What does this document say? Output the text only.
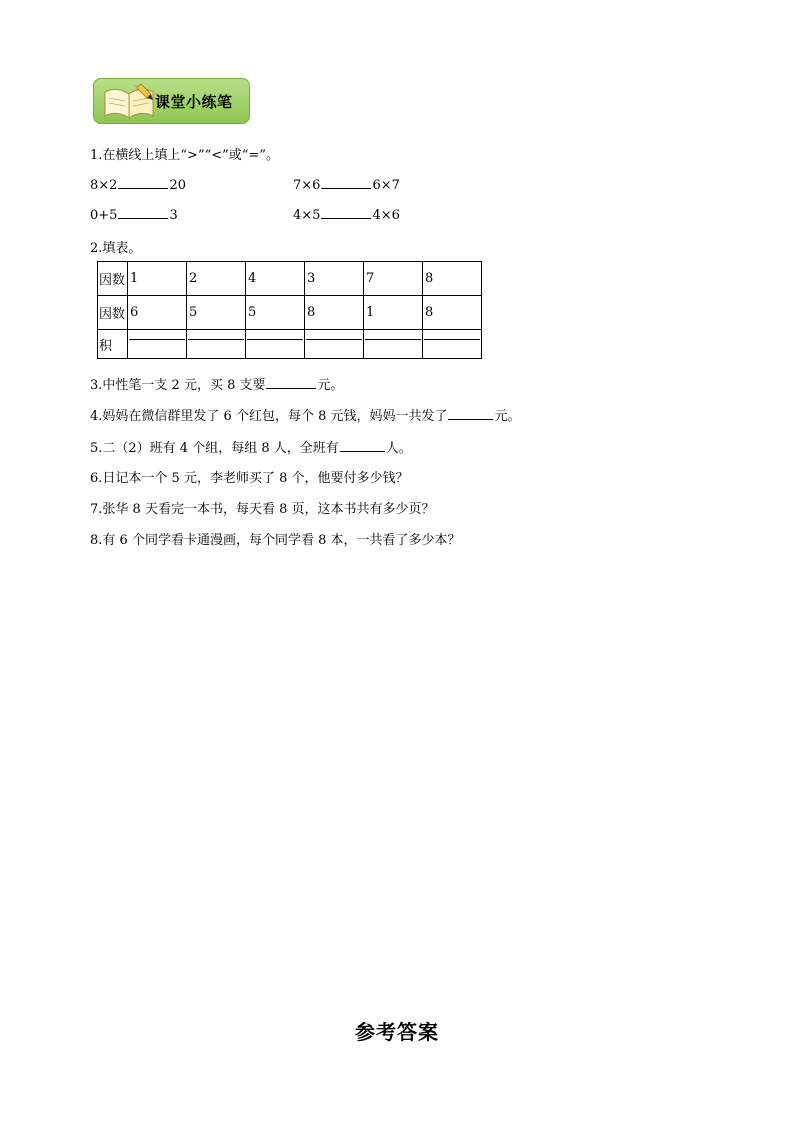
课堂小练笔
1.在横线上填上“>”“<”或“=”。
8×2	20	7×6	6×7
0+5	3	4×5	4×6
2.填表。
因数	1	2	4	3	7	8
因数	6	5	5	8	1	8
积						
3.中性笔一支 2 元，买 8 支要	元。
4.妈妈在微信群里发了 6 个红包，每个 8 元钱，妈妈一共发了	元。
5.二（2）班有 4 个组，每组 8 人，全班有	人。
6.日记本一个 5 元，李老师买了 8 个，他要付多少钱？
7.张华 8 天看完一本书，每天看 8 页，这本书共有多少页？
8.有 6 个同学看卡通漫画，每个同学看 8 本，一共看了多少本？
参考答案
